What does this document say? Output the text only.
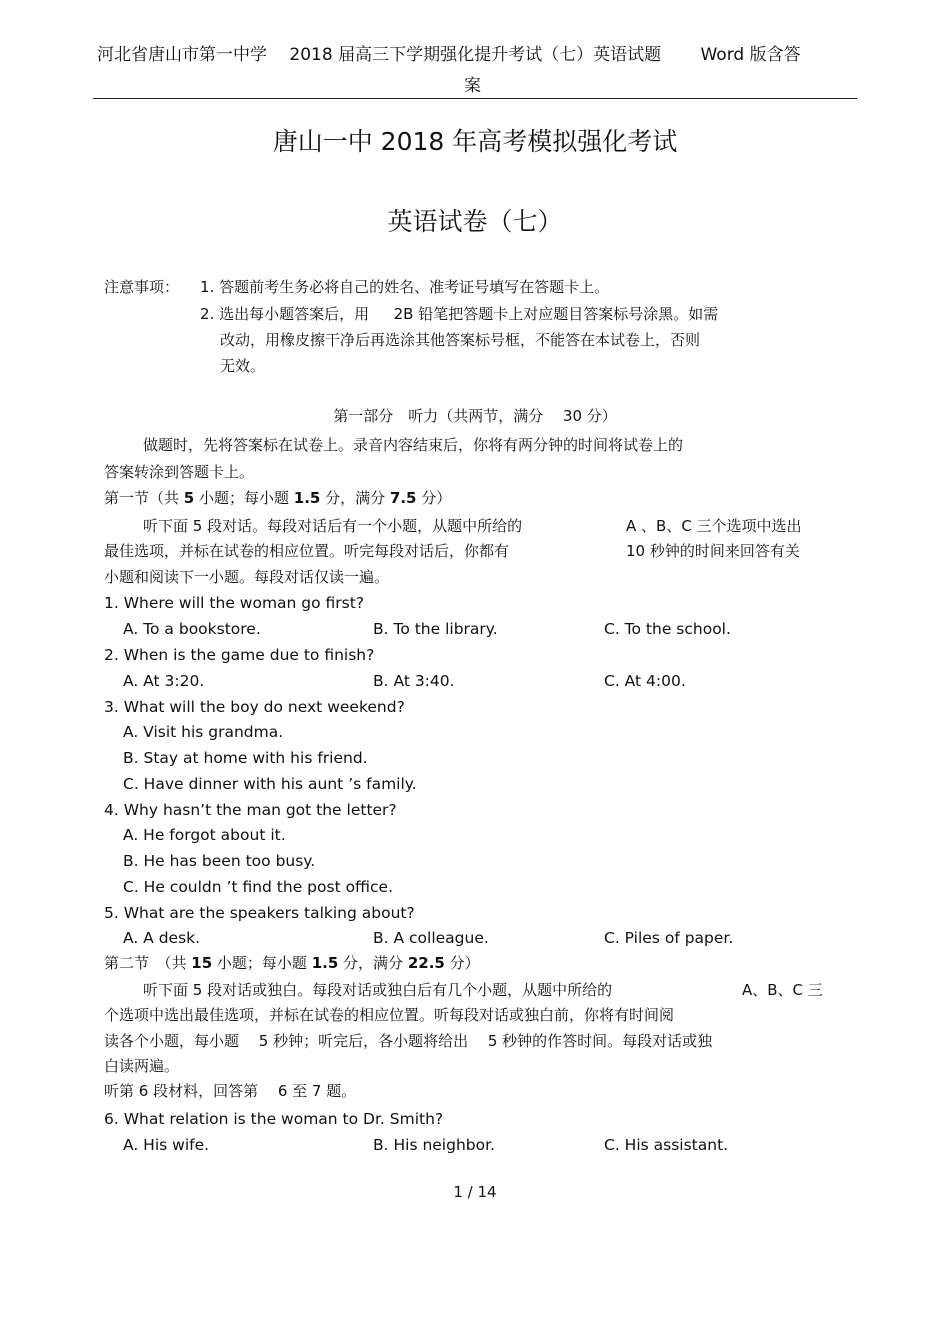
河北省唐山市第一中学　 2018 届高三下学期强化提升考试（七）英语试题　　 Word 版含答
案
唐山一中 2018 年高考模拟强化考试
英语试卷（七）
注意事项： 1. 答题前考生务必将自己的姓名、准考证号填写在答题卡上。
2. 选出每小题答案后，用 　 2B 铅笔把答题卡上对应题目答案标号涂黑。如需
改动，用橡皮擦干净后再选涂其他答案标号框，不能答在本试卷上，否则
无效。
第一部分　听力（共两节，满分　 30 分）
做题时，先将答案标在试卷上。录音内容结束后，你将有两分钟的时间将试卷上的
答案转涂到答题卡上。
第一节（共 5 小题；每小题 1.5 分，满分 7.5 分）
听下面 5 段对话。每段对话后有一个小题，从题中所给的	A 、B、C 三个选项中选出
最佳选项，并标在试卷的相应位置。听完每段对话后，你都有	10 秒钟的时间来回答有关
小题和阅读下一小题。每段对话仅读一遍。
1. Where will the woman go first?
A. To a bookstore.	B. To the library.	C. To the school.
2. When is the game due to finish?
A. At 3:20.	B. At 3:40.	C. At 4:00.
3. What will the boy do next weekend?
A. Visit his grandma.
B. Stay at home with his friend.
C. Have dinner with his aunt ’s family.
4. Why hasn’t the man got the letter?
A. He forgot about it.
B. He has been too busy.
C. He couldn ’t find the post office.
5. What are the speakers talking about?
A. A desk.	B. A colleague.	C. Piles of paper.
第二节　（共 15 小题；每小题 1.5 分，满分 22.5 分）
听下面 5 段对话或独白。每段对话或独白后有几个小题，从题中所给的	A、B、C 三
个选项中选出最佳选项，并标在试卷的相应位置。听每段对话或独白前，你将有时间阅
读各个小题，每小题　 5 秒钟；听完后，各小题将给出　 5 秒钟的作答时间。每段对话或独
白读两遍。
听第 6 段材料，回答第　 6 至 7 题。
6. What relation is the woman to Dr. Smith?
A. His wife.	B. His neighbor.	C. His assistant.
1 / 14
